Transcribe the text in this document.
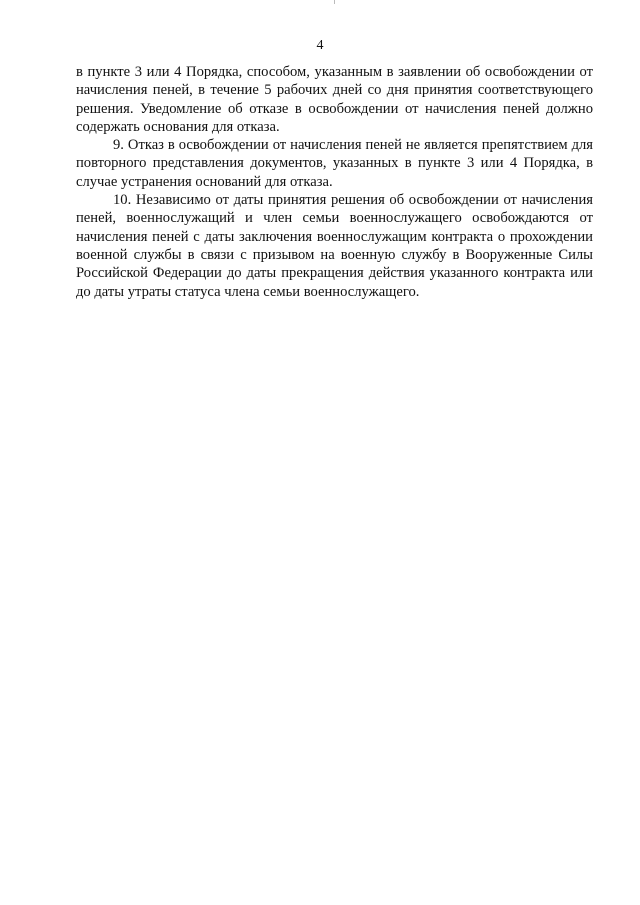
4

в пункте 3 или 4 Порядка, способом, указанным в заявлении об освобождении от начисления пеней, в течение 5 рабочих дней со дня принятия соответствующего решения. Уведомление об отказе в освобождении от начисления пеней должно содержать основания для отказа.

9. Отказ в освобождении от начисления пеней не является препятствием для повторного представления документов, указанных в пункте 3 или 4 Порядка, в случае устранения оснований для отказа.

10. Независимо от даты принятия решения об освобождении от начисления пеней, военнослужащий и член семьи военнослужащего освобождаются от начисления пеней с даты заключения военнослужащим контракта о прохождении военной службы в связи с призывом на военную службу в Вооруженные Силы Российской Федерации до даты прекращения действия указанного контракта или до даты утраты статуса члена семьи военнослужащего.
